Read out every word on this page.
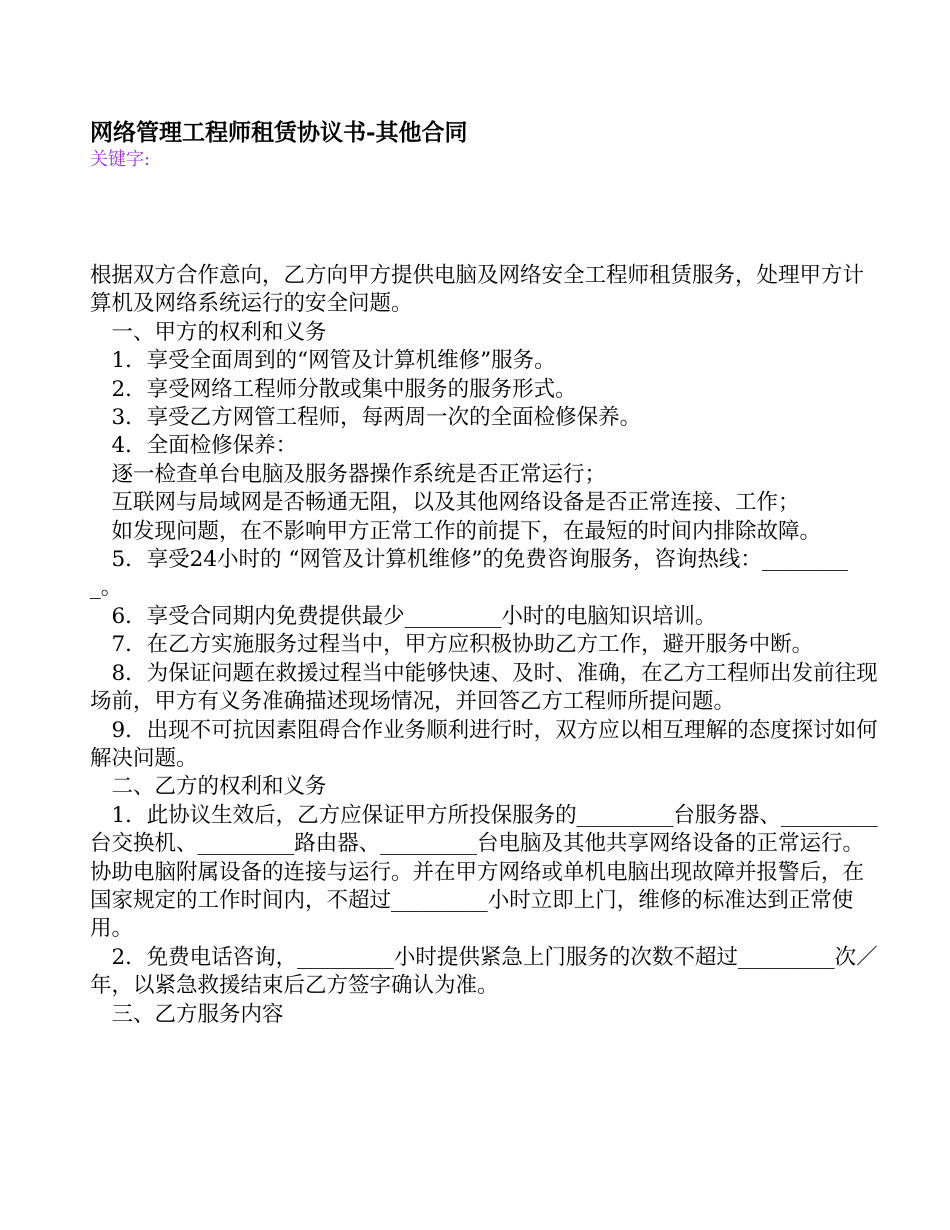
网络管理工程师租赁协议书-其他合同

关键字:

根据双方合作意向，乙方向甲方提供电脑及网络安全工程师租赁服务，处理甲方计算机及网络系统运行的安全问题。

　一、甲方的权利和义务

　1．享受全面周到的“网管及计算机维修”服务。

　2．享受网络工程师分散或集中服务的服务形式。

　3．享受乙方网管工程师，每两周一次的全面检修保养。

　4．全面检修保养：

　逐一检查单台电脑及服务器操作系统是否正常运行；

　互联网与局域网是否畅通无阻，以及其他网络设备是否正常连接、工作；

　如发现问题，在不影响甲方正常工作的前提下，在最短的时间内排除故障。

　5．享受24小时的 “网管及计算机维修”的免费咨询服务，咨询热线：_________。

　6．享受合同期内免费提供最少_________小时的电脑知识培训。

　7．在乙方实施服务过程当中，甲方应积极协助乙方工作，避开服务中断。

　8．为保证问题在救援过程当中能够快速、及时、准确，在乙方工程师出发前往现场前，甲方有义务准确描述现场情况，并回答乙方工程师所提问题。

　9．出现不可抗因素阻碍合作业务顺利进行时，双方应以相互理解的态度探讨如何解决问题。

　二、乙方的权利和义务

　1．此协议生效后，乙方应保证甲方所投保服务的_________台服务器、_________台交换机、_________路由器、_________台电脑及其他共享网络设备的正常运行。协助电脑附属设备的连接与运行。并在甲方网络或单机电脑出现故障并报警后，在国家规定的工作时间内，不超过_________小时立即上门，维修的标准达到正常使用。

　2．免费电话咨询，_________小时提供紧急上门服务的次数不超过_________次／年，以紧急救援结束后乙方签字确认为准。

　三、乙方服务内容
